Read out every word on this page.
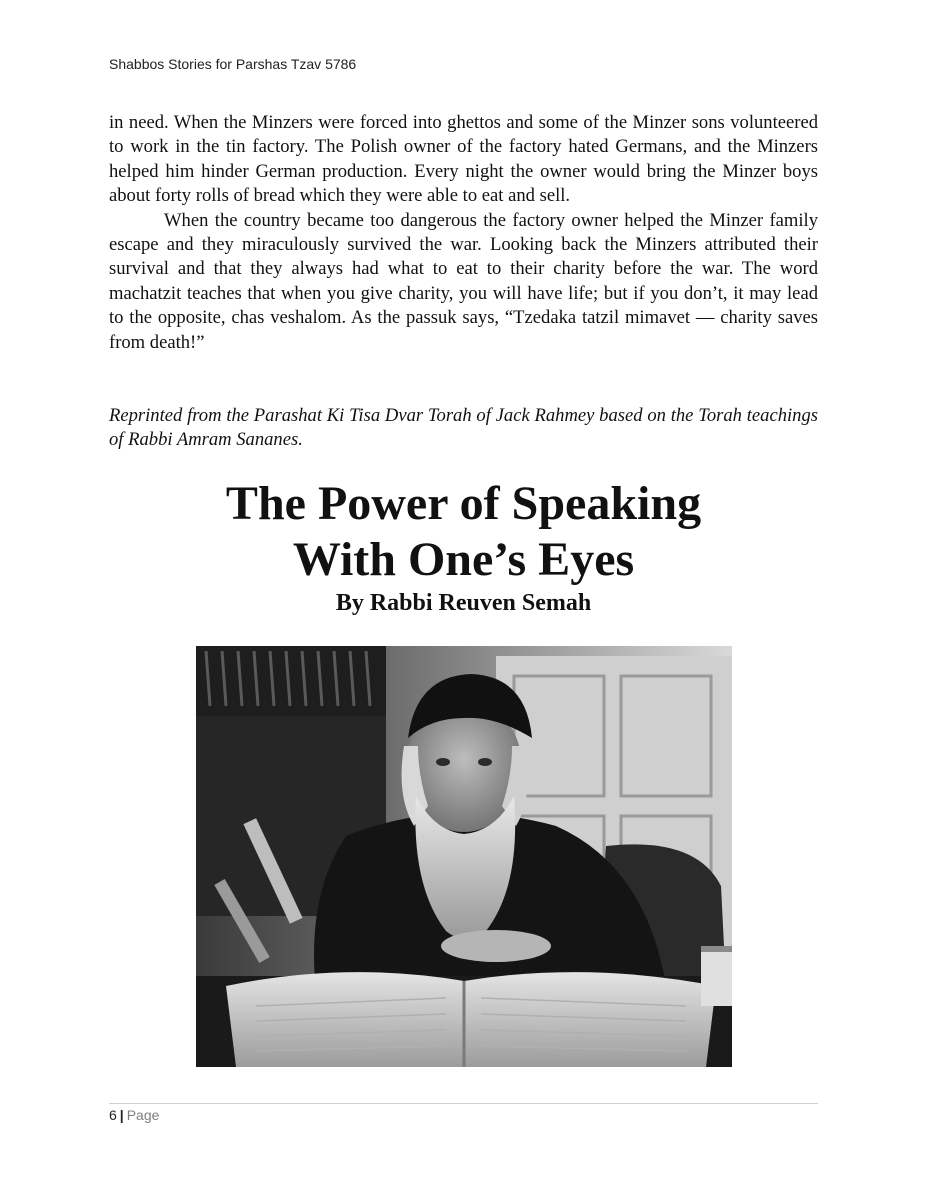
Shabbos Stories for Parshas Tzav 5786

in need. When the Minzers were forced into ghettos and some of the Minzer sons volunteered to work in the tin factory. The Polish owner of the factory hated Germans, and the Minzers helped him hinder German production. Every night the owner would bring the Minzer boys about forty rolls of bread which they were able to eat and sell.

When the country became too dangerous the factory owner helped the Minzer family escape and they miraculously survived the war. Looking back the Minzers attributed their survival and that they always had what to eat to their charity before the war. The word machatzit teaches that when you give charity, you will have life; but if you don’t, it may lead to the opposite, chas veshalom. As the passuk says, “Tzedaka tatzil mimavet — charity saves from death!”

Reprinted from the Parashat Ki Tisa Dvar Torah of Jack Rahmey based on the Torah teachings of Rabbi Amram Sananes.

The Power of Speaking
With One’s Eyes
By Rabbi Reuven Semah
6 | Page
